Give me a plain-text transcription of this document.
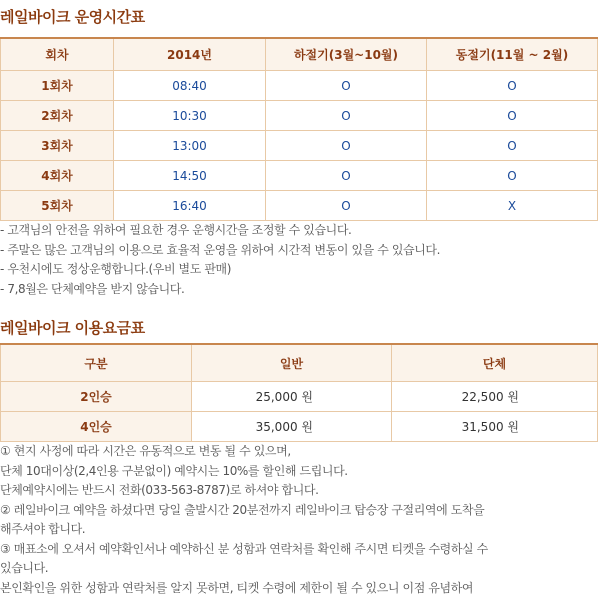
레일바이크 운영시간표
회차	2014년	하절기(3월~10월)	동절기(11월 ~ 2월)
1회차	08:40	O	O
2회차	10:30	O	O
3회차	13:00	O	O
4회차	14:50	O	O
5회차	16:40	O	X
- 고객님의 안전을 위하여 필요한 경우 운행시간을 조정할 수 있습니다.
- 주말은 많은 고객님의 이용으로 효율적 운영을 위하여 시간적 변동이 있을 수 있습니다.
- 우천시에도 정상운행합니다.(우비 별도 판매)
- 7,8월은 단체예약을 받지 않습니다.
레일바이크 이용요금표
구분	일반	단체
2인승	25,000 원	22,500 원
4인승	35,000 원	31,500 원
① 현지 사정에 따라 시간은 유동적으로 변동 될 수 있으며,
단체 10대이상(2,4인용 구분없이) 예약시는 10%를 할인해 드립니다.
단체예약시에는 반드시 전화(033-563-8787)로 하셔야 합니다.
② 레일바이크 예약을 하셨다면 당일 출발시간 20분전까지 레일바이크 탑승장 구절리역에 도착을
해주셔야 합니다.
③ 매표소에 오셔서 예약확인서나 예약하신 분 성함과 연락처를 확인해 주시면 티켓을 수령하실 수
있습니다.
본인확인을 위한 성함과 연락처를 알지 못하면, 티켓 수령에 제한이 될 수 있으니 이점 유념하여
